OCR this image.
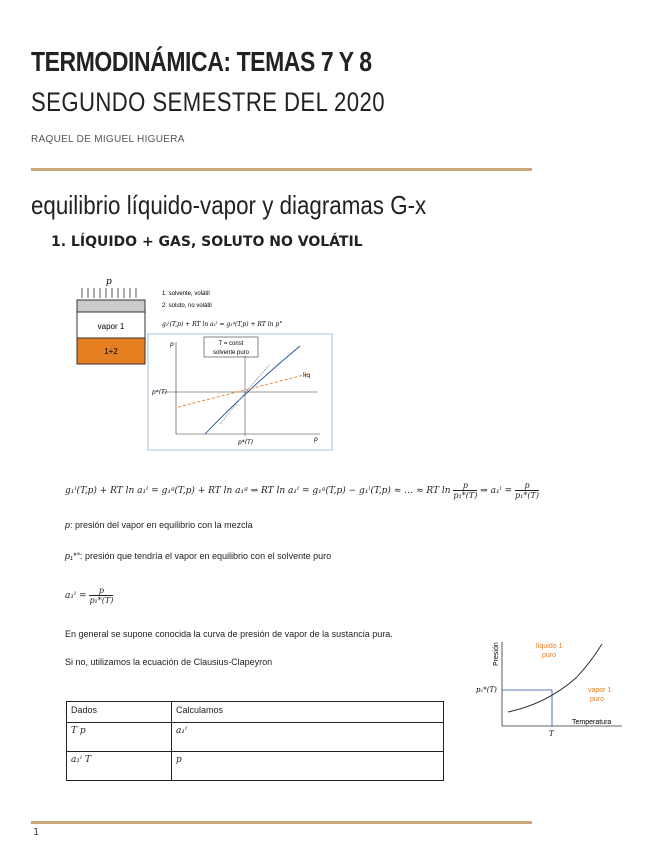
TERMODINÁMICA: TEMAS 7 Y 8
SEGUNDO SEMESTRE DEL 2020
RAQUEL DE MIGUEL HIGUERA
equilibrio líquido-vapor y diagramas G-x
1. LÍQUIDO + GAS, SOLUTO NO VOLÁTIL
p
vapor 1
1+2
1: solvente, volátil
2: soluto, no volátil
g₁ˡ(T,p) + RT ln a₁ˡ = g₁ᵍ(T,p) + RT ln p°
T = const
solvente puro
p
p
p*(T)
p*(T)
liq
g₁ˡ(T,p) + RT ln a₁ˡ = g₁ᵍ(T,p) + RT ln a₁ᵍ ⇒ RT ln a₁ˡ = g₁ᵍ(T,p) − g₁ˡ(T,p) ≈ … ≈ RT $\ln \frac{p}{\text{p₁*(T)}}$ ⇒ a₁ˡ = $\frac{p}{\text{p₁*(T)}}$
p: presión del vapor en equilibrio con la mezcla
p₁*°: presión que tendría el vapor en equilibrio con el solvente puro
a₁ˡ = $\frac{p}{\text{p₁*(T)}}$
En general se supone conocida la curva de presión de vapor de la sustancia pura.
Si no, utilizamos la ecuación de Clausius-Clapeyron
Dados	Calculamos
T p	a₁ˡ
a₁ˡ T	p
Presión
Temperatura
líquido 1
puro
vapor 1
puro
p₁*(T)
T
1
